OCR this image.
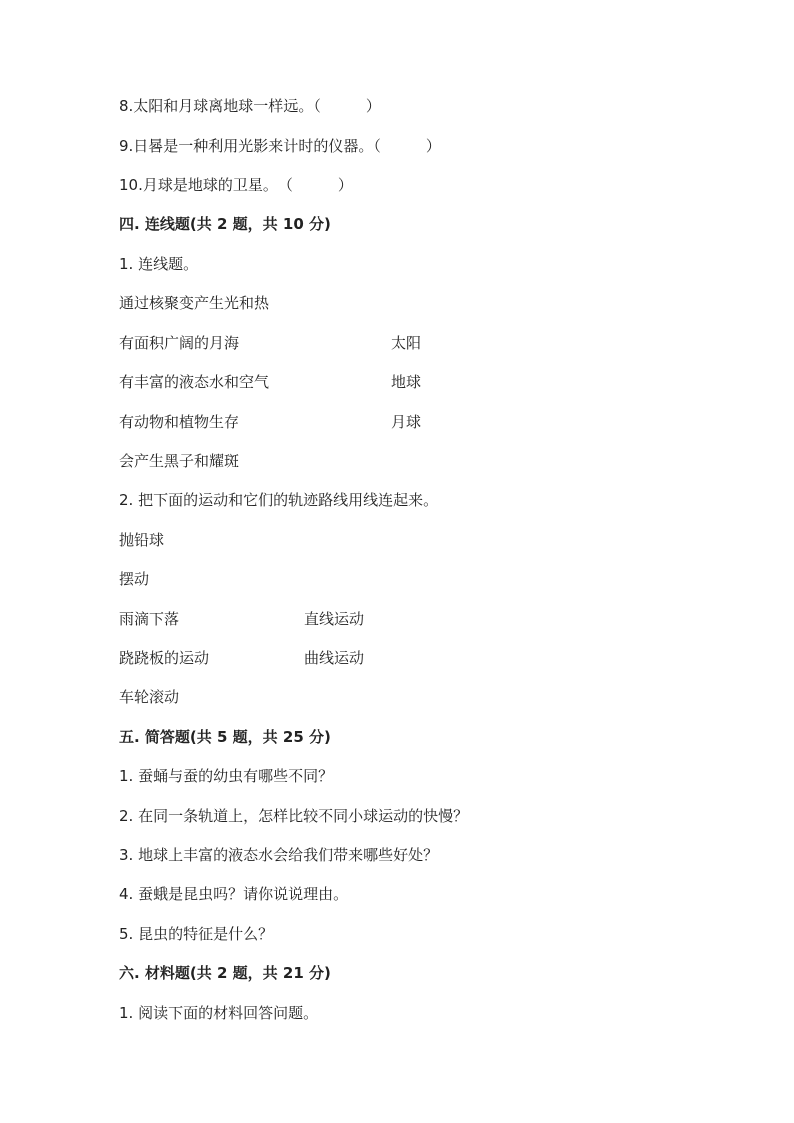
8.太阳和月球离地球一样远。（　　　）
9.日晷是一种利用光影来计时的仪器。（　　　）
10.月球是地球的卫星。　（　　　）
四. 连线题(共 2 题，共 10 分)
1. 连线题。
通过核聚变产生光和热
有面积广阔的月海	太阳
有丰富的液态水和空气	地球
有动物和植物生存	月球
会产生黑子和耀斑
2. 把下面的运动和它们的轨迹路线用线连起来。
抛铅球
摆动
雨滴下落	直线运动
跷跷板的运动	曲线运动
车轮滚动
五. 简答题(共 5 题，共 25 分)
1. 蚕蛹与蚕的幼虫有哪些不同？
2. 在同一条轨道上，怎样比较不同小球运动的快慢？
3. 地球上丰富的液态水会给我们带来哪些好处？
4. 蚕蛾是昆虫吗？请你说说理由。
5. 昆虫的特征是什么？
六. 材料题(共 2 题，共 21 分)
1. 阅读下面的材料回答问题。
